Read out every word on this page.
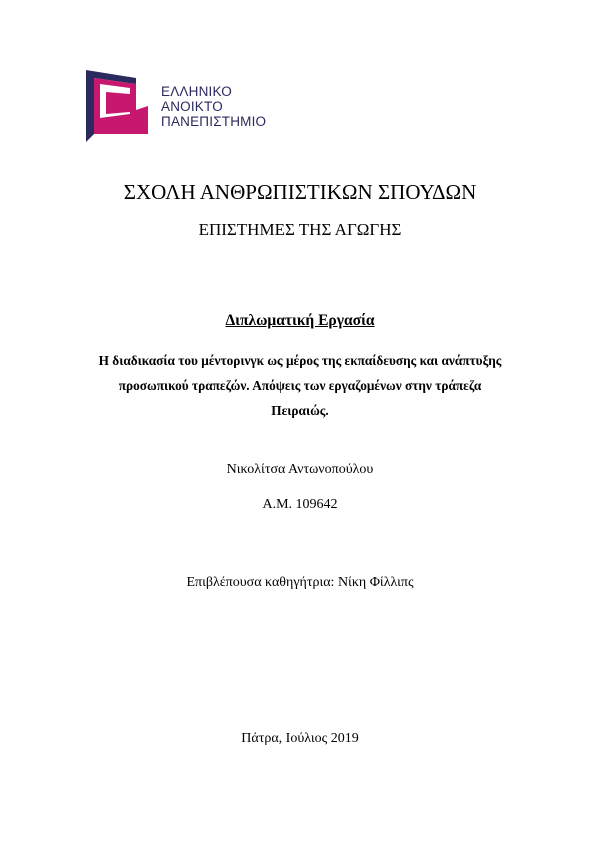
ΕΛΛΗΝΙΚΟ
ΑΝΟΙΚΤΟ
ΠΑΝΕΠΙΣΤΗΜΙΟ
ΣΧΟΛΗ ΑΝΘΡΩΠΙΣΤΙΚΩΝ ΣΠΟΥΔΩΝ
ΕΠΙΣΤΗΜΕΣ ΤΗΣ ΑΓΩΓΗΣ
Διπλωματική Εργασία
Η διαδικασία του μέντορινγκ ως μέρος της εκπαίδευσης και ανάπτυξης
προσωπικού τραπεζών. Απόψεις των εργαζομένων στην τράπεζα
Πειραιώς.
Νικολίτσα Αντωνοπούλου
Α.Μ. 109642
Επιβλέπουσα καθηγήτρια: Νίκη Φίλλιπς
Πάτρα, Ιούλιος 2019
